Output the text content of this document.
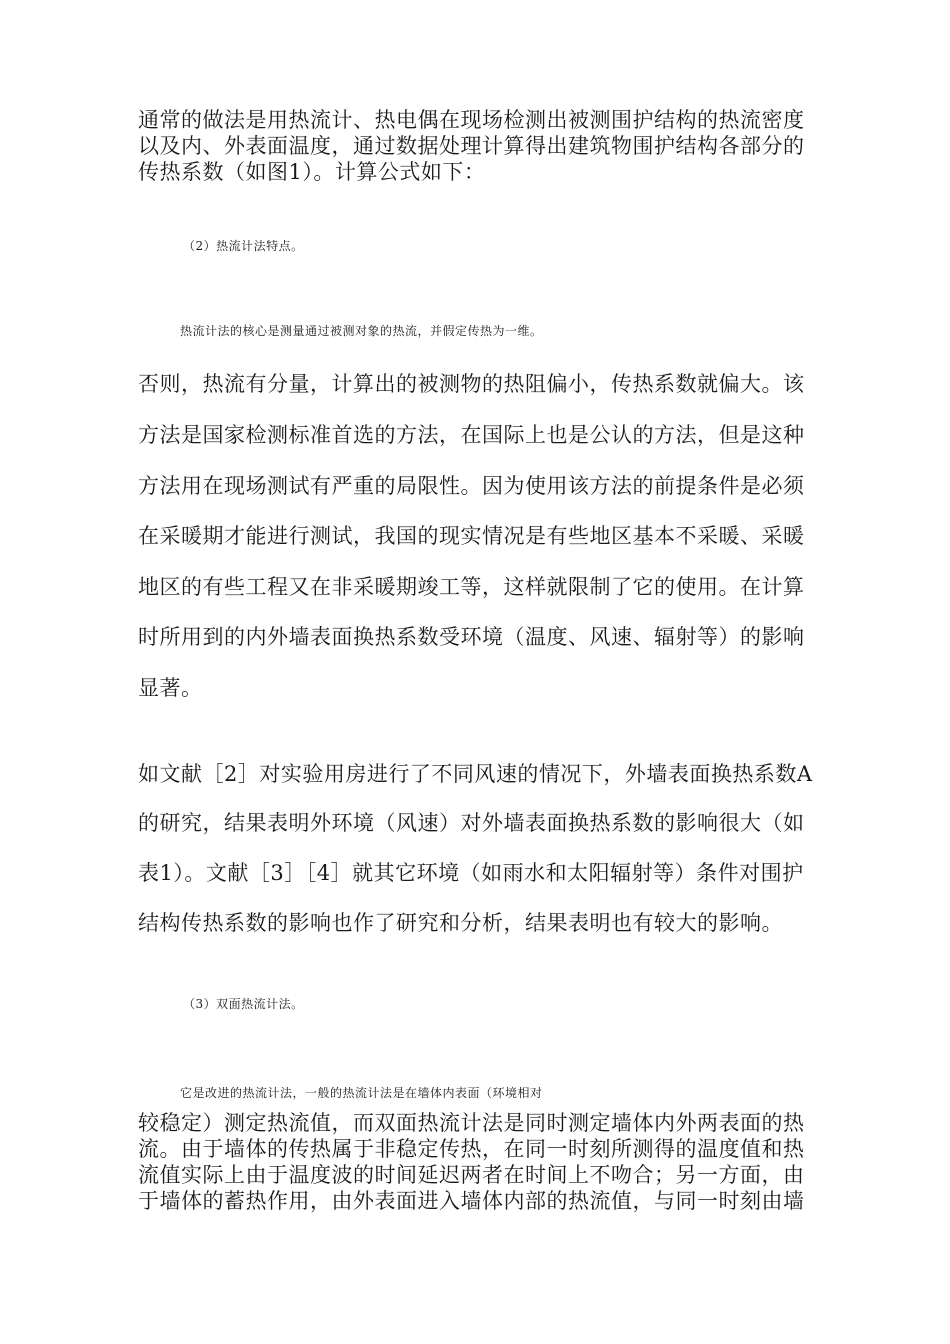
通常的做法是用热流计、热电偶在现场检测出被测围护结构的热流密度
以及内、外表面温度，通过数据处理计算得出建筑物围护结构各部分的
传热系数（如图1）。计算公式如下：
（2）热流计法特点。
热流计法的核心是测量通过被测对象的热流，并假定传热为一维。
否则，热流有分量，计算出的被测物的热阻偏小，传热系数就偏大。该
方法是国家检测标准首选的方法，在国际上也是公认的方法，但是这种
方法用在现场测试有严重的局限性。因为使用该方法的前提条件是必须
在采暖期才能进行测试，我国的现实情况是有些地区基本不采暖、采暖
地区的有些工程又在非采暖期竣工等，这样就限制了它的使用。在计算
时所用到的内外墙表面换热系数受环境（温度、风速、辐射等）的影响
显著。
如文献［2］对实验用房进行了不同风速的情况下，外墙表面换热系数A
的研究，结果表明外环境（风速）对外墙表面换热系数的影响很大（如
表1）。文献［3］［4］就其它环境（如雨水和太阳辐射等）条件对围护
结构传热系数的影响也作了研究和分析，结果表明也有较大的影响。
（3）双面热流计法。
它是改进的热流计法，一般的热流计法是在墙体内表面（环境相对
较稳定）测定热流值，而双面热流计法是同时测定墙体内外两表面的热
流。由于墙体的传热属于非稳定传热，在同一时刻所测得的温度值和热
流值实际上由于温度波的时间延迟两者在时间上不吻合；另一方面，由
于墙体的蓄热作用，由外表面进入墙体内部的热流值，与同一时刻由墙
